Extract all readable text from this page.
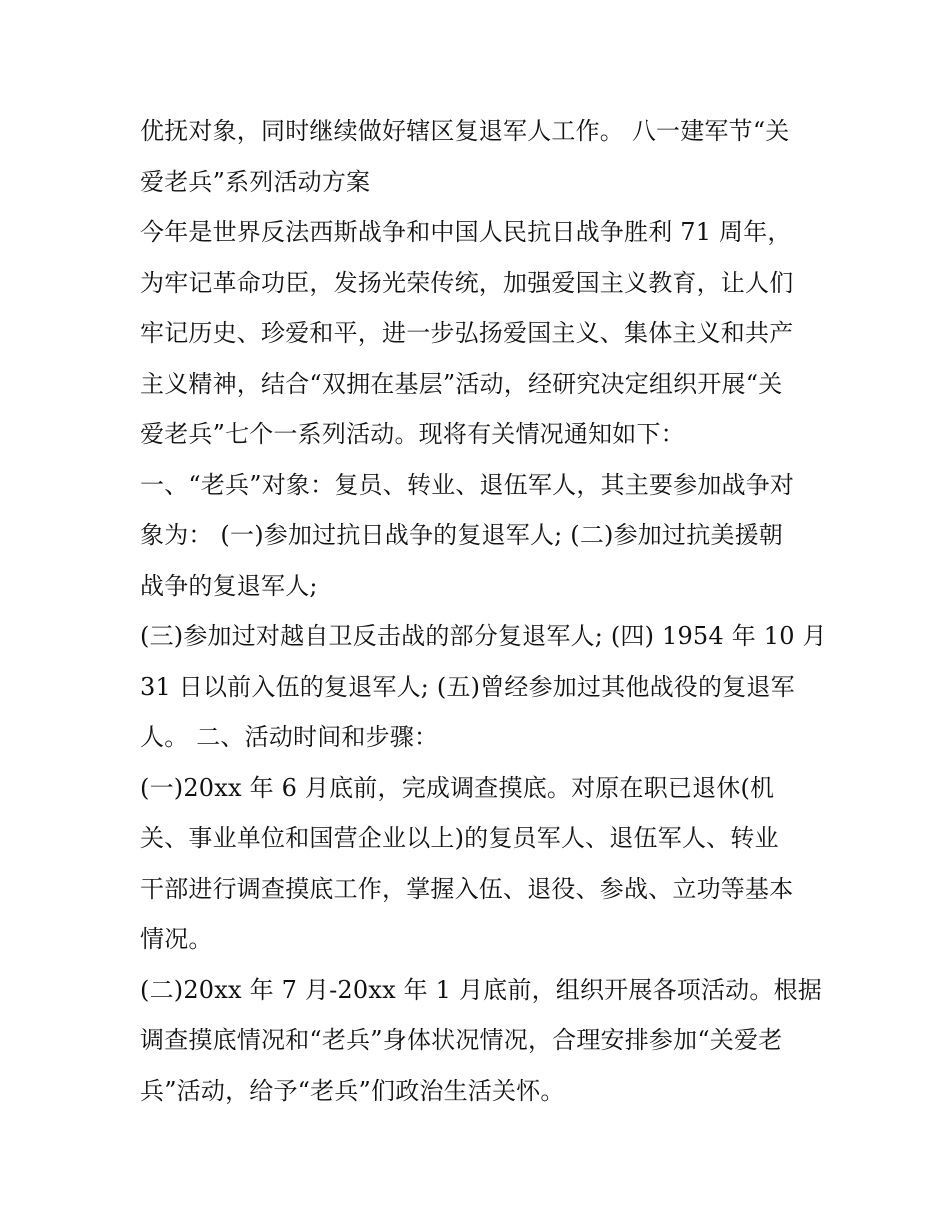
优抚对象，同时继续做好辖区复退军人工作。 八一建军节“关
爱老兵”系列活动方案
今年是世界反法西斯战争和中国人民抗日战争胜利 71 周年，
为牢记革命功臣，发扬光荣传统，加强爱国主义教育，让人们
牢记历史、珍爱和平，进一步弘扬爱国主义、集体主义和共产
主义精神，结合“双拥在基层”活动，经研究决定组织开展“关
爱老兵”七个一系列活动。现将有关情况通知如下：
一、“老兵”对象：复员、转业、退伍军人，其主要参加战争对
象为： (一)参加过抗日战争的复退军人; (二)参加过抗美援朝
战争的复退军人;
(三)参加过对越自卫反击战的部分复退军人; (四) 1954 年 10 月
31 日以前入伍的复退军人; (五)曾经参加过其他战役的复退军
人。 二、活动时间和步骤：
(一)20xx 年 6 月底前，完成调查摸底。对原在职已退休(机
关、事业单位和国营企业以上)的复员军人、退伍军人、转业
干部进行调查摸底工作，掌握入伍、退役、参战、立功等基本
情况。
(二)20xx 年 7 月-20xx 年 1 月底前，组织开展各项活动。根据
调查摸底情况和“老兵”身体状况情况，合理安排参加“关爱老
兵”活动，给予“老兵”们政治生活关怀。
